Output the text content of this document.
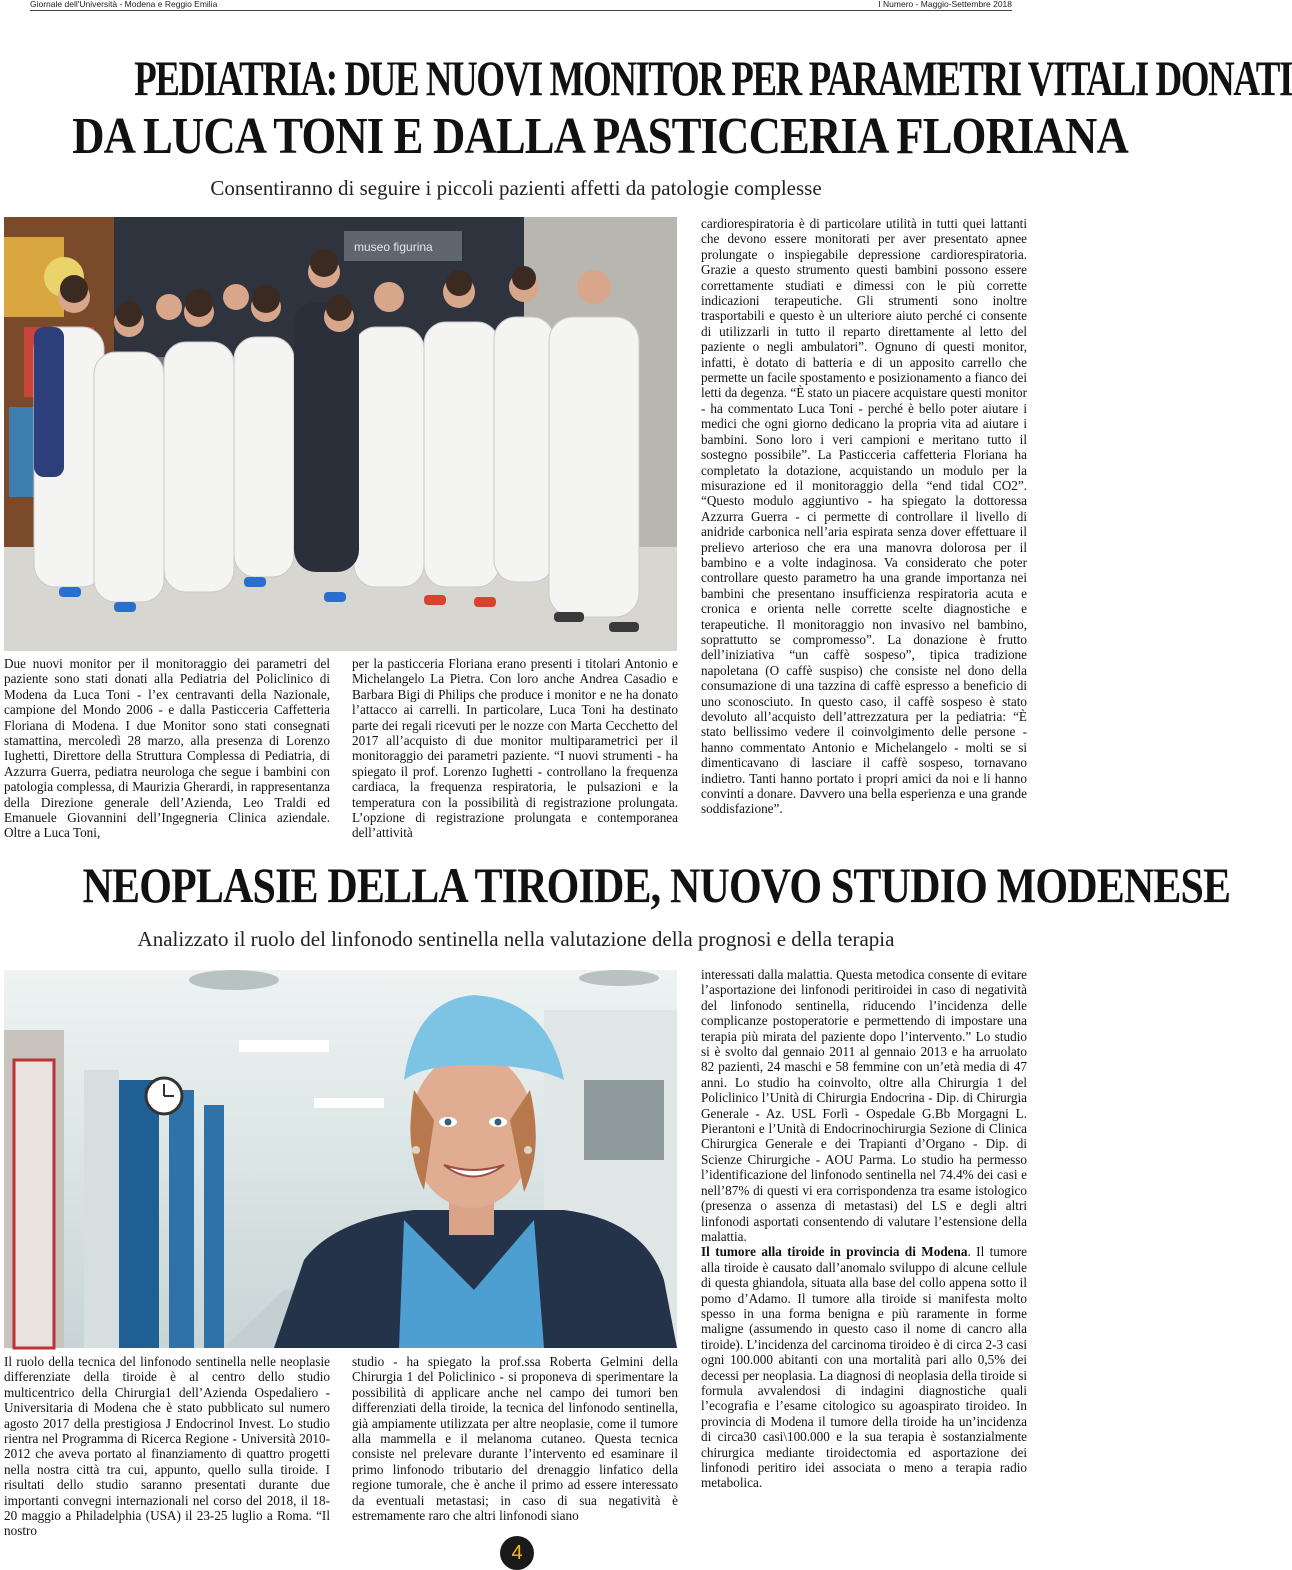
Giornale dell'Università - Modena e Reggio Emilia	I Numero - Maggio-Settembre 2018
PEDIATRIA: DUE NUOVI MONITOR PER PARAMETRI VITALI DONATI
DA LUCA TONI E DALLA PASTICCERIA FLORIANA
Consentiranno di seguire i piccoli pazienti affetti da patologie complesse
museo figurina

Due nuovi monitor per il monitoraggio dei parametri del paziente sono stati donati alla Pediatria del Policlinico di Modena da Luca Toni - l’ex centravanti della Nazionale, campione del Mondo 2006 - e dalla Pasticceria Caffetteria Floriana di Modena. I due Monitor sono stati consegnati stamattina, mercoledì 28 marzo, alla presenza di Lorenzo Iughetti, Direttore della Struttura Complessa di Pediatria, di Azzurra Guerra, pediatra neurologa che segue i bambini con patologia complessa, di Maurizia Gherardi, in rappresentanza della Direzione generale dell’Azienda, Leo Traldi ed Emanuele Giovannini dell’Ingegneria Clinica aziendale. Oltre a Luca Toni,

per la pasticceria Floriana erano presenti i titolari Antonio e Michelangelo La Pietra. Con loro anche Andrea Casadio e Barbara Bigi di Philips che produce i monitor e ne ha donato l’attacco ai carrelli. In particolare, Luca Toni ha destinato parte dei regali ricevuti per le nozze con Marta Cecchetto del 2017 all’acquisto di due monitor multiparametrici per il monitoraggio dei parametri paziente. “I nuovi strumenti - ha spiegato il prof. Lorenzo Iughetti - controllano la frequenza cardiaca, la frequenza respiratoria, le pulsazioni e la temperatura con la possibilità di registrazione prolungata. L’opzione di registrazione prolungata e contemporanea dell’attività

cardiorespiratoria è di particolare utilità in tutti quei lattanti che devono essere monitorati per aver presentato apnee prolungate o inspiegabile depressione cardiorespiratoria. Grazie a questo strumento questi bambini possono essere correttamente studiati e dimessi con le più corrette indicazioni terapeutiche. Gli strumenti sono inoltre trasportabili e questo è un ulteriore aiuto perché ci consente di utilizzarli in tutto il reparto direttamente al letto del paziente o negli ambulatori”. Ognuno di questi monitor, infatti, è dotato di batteria e di un apposito carrello che permette un facile spostamento e posizionamento a fianco dei letti da degenza. “È stato un piacere acquistare questi monitor - ha commentato Luca Toni - perché è bello poter aiutare i medici che ogni giorno dedicano la propria vita ad aiutare i bambini. Sono loro i veri campioni e meritano tutto il sostegno possibile”. La Pasticceria caffetteria Floriana ha completato la dotazione, acquistando un modulo per la misurazione ed il monitoraggio della “end tidal CO2”. “Questo modulo aggiuntivo - ha spiegato la dottoressa Azzurra Guerra - ci permette di controllare il livello di anidride carbonica nell’aria espirata senza dover effettuare il prelievo arterioso che era una manovra dolorosa per il bambino e a volte indaginosa. Va considerato che poter controllare questo parametro ha una grande importanza nei bambini che presentano insufficienza respiratoria acuta e cronica e orienta nelle corrette scelte diagnostiche e terapeutiche. Il monitoraggio non invasivo nel bambino, soprattutto se compromesso”. La donazione è frutto dell’iniziativa “un caffè sospeso”, tipica tradizione napoletana (O caffè suspiso) che consiste nel dono della consumazione di una tazzina di caffè espresso a beneficio di uno sconosciuto. In questo caso, il caffè sospeso è stato devoluto all’acquisto dell’attrezzatura per la pediatria: “È stato bellissimo vedere il coinvolgimento delle persone - hanno commentato Antonio e Michelangelo - molti se si dimenticavano di lasciare il caffè sospeso, tornavano indietro. Tanti hanno portato i propri amici da noi e li hanno convinti a donare. Davvero una bella esperienza e una grande soddisfazione”.

NEOPLASIE DELLA TIROIDE, NUOVO STUDIO MODENESE
Analizzato il ruolo del linfonodo sentinella nella valutazione della prognosi e della terapia

Il ruolo della tecnica del linfonodo sentinella nelle neoplasie differenziate della tiroide è al centro dello studio multicentrico della Chirurgia1 dell’Azienda Ospedaliero - Universitaria di Modena che è stato pubblicato sul numero agosto 2017 della prestigiosa J Endocrinol Invest. Lo studio rientra nel Programma di Ricerca Regione - Università 2010-2012 che aveva portato al finanziamento di quattro progetti nella nostra città tra cui, appunto, quello sulla tiroide. I risultati dello studio saranno presentati durante due importanti convegni internazionali nel corso del 2018, il 18-20 maggio a Philadelphia (USA) il 23-25 luglio a Roma. “Il nostro

studio - ha spiegato la prof.ssa Roberta Gelmini della Chirurgia 1 del Policlinico - si proponeva di sperimentare la possibilità di applicare anche nel campo dei tumori ben differenziati della tiroide, la tecnica del linfonodo sentinella, già ampiamente utilizzata per altre neoplasie, come il tumore alla mammella e il melanoma cutaneo. Questa tecnica consiste nel prelevare durante l’intervento ed esaminare il primo linfonodo tributario del drenaggio linfatico della regione tumorale, che è anche il primo ad essere interessato da eventuali metastasi; in caso di sua negatività è estremamente raro che altri linfonodi siano

interessati dalla malattia. Questa metodica consente di evitare l’asportazione dei linfonodi peritiroidei in caso di negatività del linfonodo sentinella, riducendo l’incidenza delle complicanze postoperatorie e permettendo di impostare una terapia più mirata del paziente dopo l’intervento.” Lo studio si è svolto dal gennaio 2011 al gennaio 2013 e ha arruolato 82 pazienti, 24 maschi e 58 femmine con un’età media di 47 anni. Lo studio ha coinvolto, oltre alla Chirurgia 1 del Policlinico l’Unità di Chirurgia Endocrina - Dip. di Chirurgia Generale - Az. USL Forlì - Ospedale G.Bb Morgagni L. Pierantoni e l’Unità di Endocrinochirurgia Sezione di Clinica Chirurgica Generale e dei Trapianti d’Organo - Dip. di Scienze Chirurgiche - AOU Parma. Lo studio ha permesso l’identificazione del linfonodo sentinella nel 74.4% dei casi e nell’87% di questi vi era corrispondenza tra esame istologico (presenza o assenza di metastasi) del LS e degli altri linfonodi asportati consentendo di valutare l’estensione della malattia.

Il tumore alla tiroide in provincia di Modena. Il tumore alla tiroide è causato dall’anomalo sviluppo di alcune cellule di questa ghiandola, situata alla base del collo appena sotto il pomo d’Adamo. Il tumore alla tiroide si manifesta molto spesso in una forma benigna e più raramente in forme maligne (assumendo in questo caso il nome di cancro alla tiroide). L’incidenza del carcinoma tiroideo è di circa 2-3 casi ogni 100.000 abitanti con una mortalità pari allo 0,5% dei decessi per neoplasia. La diagnosi di neoplasia della tiroide si formula avvalendosi di indagini diagnostiche quali l’ecografia e l’esame citologico su agoaspirato tiroideo. In provincia di Modena il tumore della tiroide ha un’incidenza di circa30 casi\100.000 e la sua terapia è sostanzialmente chirurgica mediante tiroidectomia ed asportazione dei linfonodi peritiro idei associata o meno a terapia radio metabolica.

4
